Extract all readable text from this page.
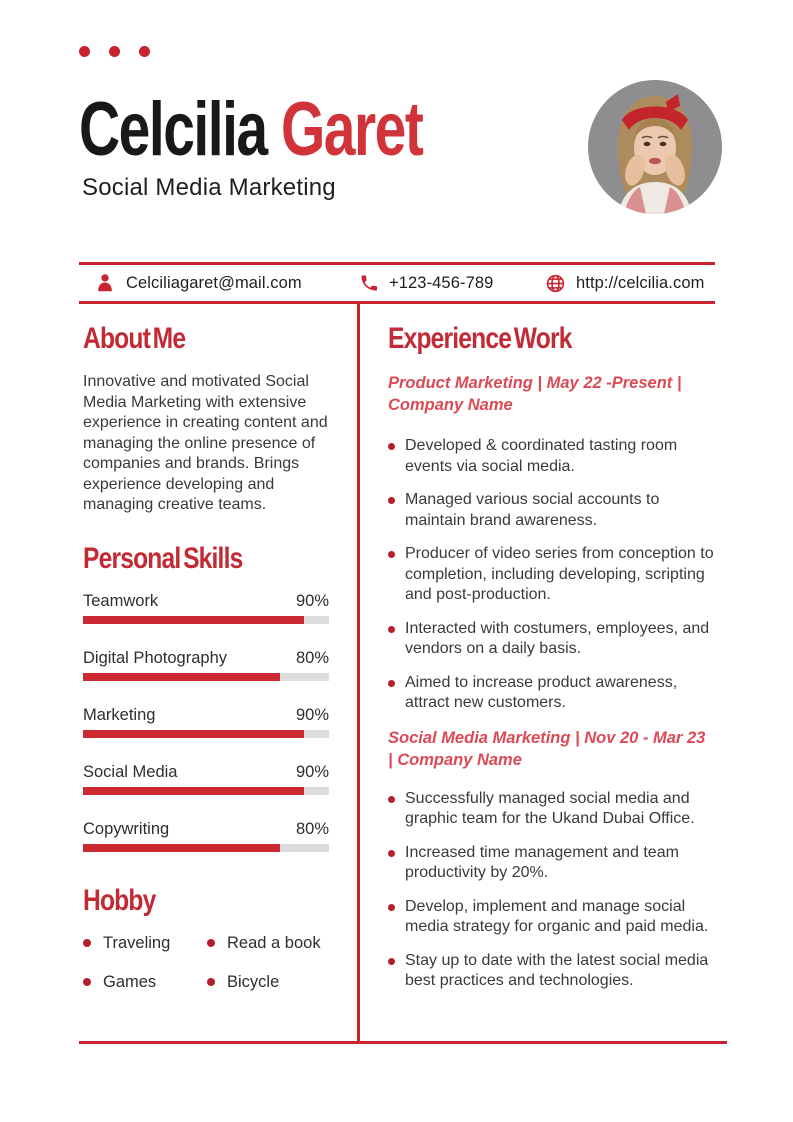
Celcilia Garet

Social Media Marketing

Celciliagaret@mail.com	+123-456-789	http://celcilia.com
About Me

Innovative and motivated Social Media Marketing with extensive experience in creating content and managing the online presence of companies and brands. Brings experience developing and managing creative teams.

Personal Skills
Teamwork	90%
Digital Photography	80%
Marketing	90%
Social Media	90%
Copywriting	80%
Hobby
Traveling	Read a book
Games	Bicycle
Experience Work

Product Marketing | May 22 -Present | Company Name

Developed & coordinated tasting room events via social media.
Managed various social accounts to maintain brand awareness.
Producer of video series from conception to completion, including developing, scripting and post-production.
Interacted with costumers, employees, and vendors on a daily basis.
Aimed to increase product awareness, attract new customers.

Social Media Marketing | Nov 20 - Mar 23 | Company Name

Successfully managed social media and graphic team for the Ukand Dubai Office.
Increased time management and team productivity by 20%.
Develop, implement and manage social media strategy for organic and paid media.
Stay up to date with the latest social media best practices and technologies.
